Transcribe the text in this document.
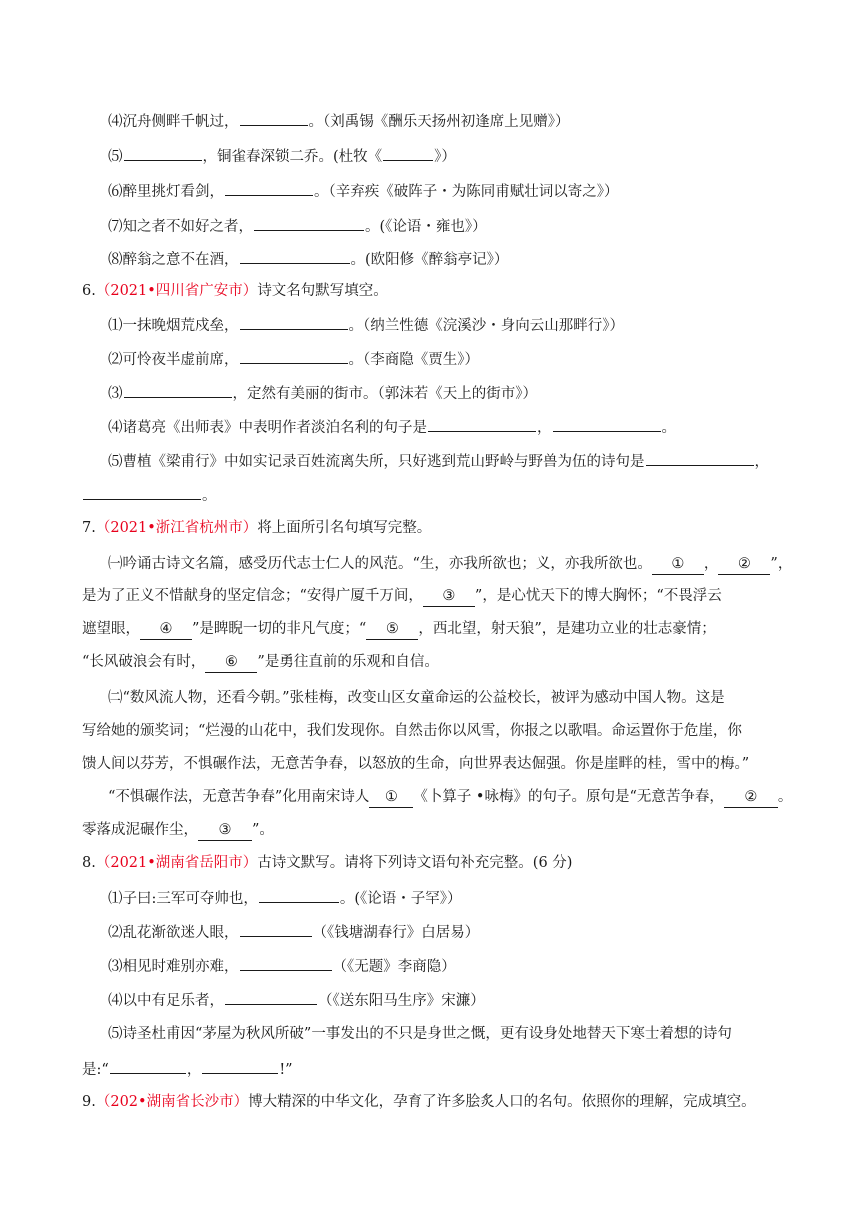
⑷沉舟侧畔千帆过，	。（刘禹锡《酬乐天扬州初逢席上见赠》）
⑸	，铜雀春深锁二乔。(杜牧《	》）
⑹醉里挑灯看剑，	。（辛弃疾《破阵子・为陈同甫赋壮词以寄之》）
⑺知之者不如好之者，	。(《论语・雍也》）
⑻醉翁之意不在酒，	。(欧阳修《醉翁亭记》）
6.（2021•四川省广安市）诗文名句默写填空。
⑴一抹晚烟荒戍垒，	。（纳兰性德《浣溪沙・身向云山那畔行》）
⑵可怜夜半虚前席，	。（李商隐《贾生》）
⑶	，定然有美丽的街市。（郭沫若《天上的街市》）
⑷诸葛亮《出师表》中表明作者淡泊名利的句子是	，	。
⑸曹植《梁甫行》中如实记录百姓流离失所，只好逃到荒山野岭与野兽为伍的诗句是	，
。
7.（2021•浙江省杭州市）将上面所引名句填写完整。
㈠吟诵古诗文名篇，感受历代志士仁人的风范。“生，亦我所欲也；义，亦我所欲也。 ① ， ② ”，
是为了正义不惜献身的坚定信念；“安得广厦千万间， ③ ”，是心忧天下的博大胸怀；“不畏浮云
遮望眼， ④ ”是睥睨一切的非凡气度；“ ⑤ ，西北望，射天狼”，是建功立业的壮志豪情；
“长风破浪会有时， ⑥ ”是勇往直前的乐观和自信。
㈡“数风流人物，还看今朝。”张桂梅，改变山区女童命运的公益校长，被评为感动中国人物。这是
写给她的颁奖词；“烂漫的山花中，我们发现你。自然击你以风雪，你报之以歌唱。命运置你于危崖，你
馈人间以芬芳，不惧碾作法，无意苦争春，以怒放的生命，向世界表达倔强。你是崖畔的桂，雪中的梅。”
“不惧碾作法，无意苦争春”化用南宋诗人 ① 《卜算子 •咏梅》的句子。原句是“无意苦争春， ② 。
零落成泥碾作尘， ③ ”。
8.（2021•湖南省岳阳市）古诗文默写。请将下列诗文语句补充完整。(6 分)
⑴子曰:三军可夺帅也，	。(《论语・子罕》）
⑵乱花渐欲迷人眼，	（《钱塘湖春行》白居易）
⑶相见时难别亦难，	（《无题》李商隐）
⑷以中有足乐者，	（《送东阳马生序》宋濂）
⑸诗圣杜甫因“茅屋为秋风所破”一事发出的不只是身世之慨，更有设身处地替天下寒士着想的诗句
是:“	，	!”
9.（202•湖南省长沙市）博大精深的中华文化，孕育了许多脍炙人口的名句。依照你的理解，完成填空。
